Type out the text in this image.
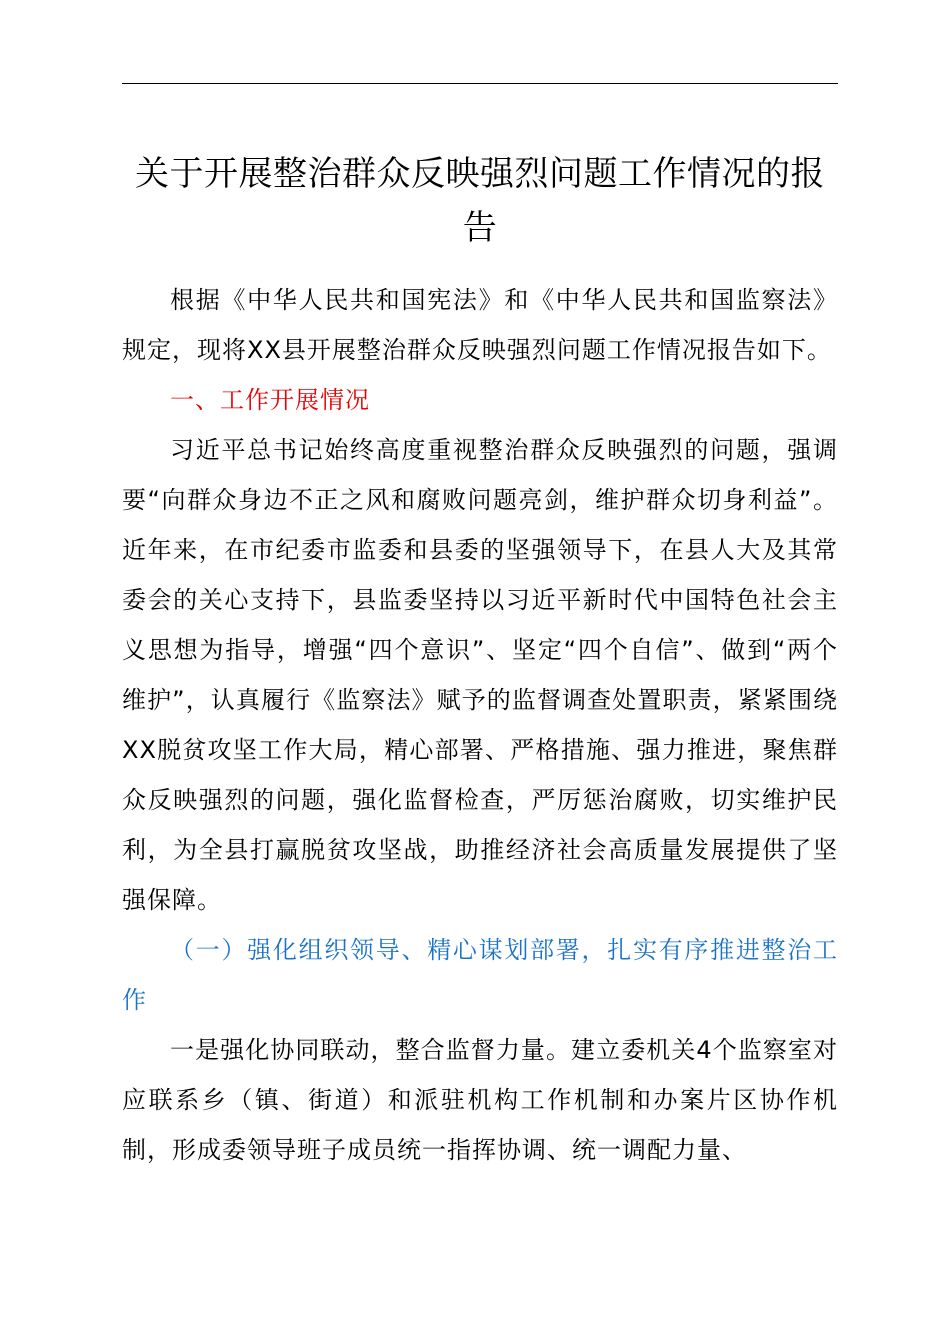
关于开展整治群众反映强烈问题工作情况的报告

根据《中华人民共和国宪法》和《中华人民共和国监察法》规定，现将XX县开展整治群众反映强烈问题工作情况报告如下。

一、工作开展情况

习近平总书记始终高度重视整治群众反映强烈的问题，强调要“向群众身边不正之风和腐败问题亮剑，维护群众切身利益”。近年来，在市纪委市监委和县委的坚强领导下，在县人大及其常委会的关心支持下，县监委坚持以习近平新时代中国特色社会主义思想为指导，增强“四个意识”、坚定“四个自信”、做到“两个维护”，认真履行《监察法》赋予的监督调查处置职责，紧紧围绕XX脱贫攻坚工作大局，精心部署、严格措施、强力推进，聚焦群众反映强烈的问题，强化监督检查，严厉惩治腐败，切实维护民利，为全县打赢脱贫攻坚战，助推经济社会高质量发展提供了坚强保障。

（一）强化组织领导、精心谋划部署，扎实有序推进整治工作

一是强化协同联动，整合监督力量。建立委机关4个监察室对应联系乡（镇、街道）和派驻机构工作机制和办案片区协作机制，形成委领导班子成员统一指挥协调、统一调配力量、
